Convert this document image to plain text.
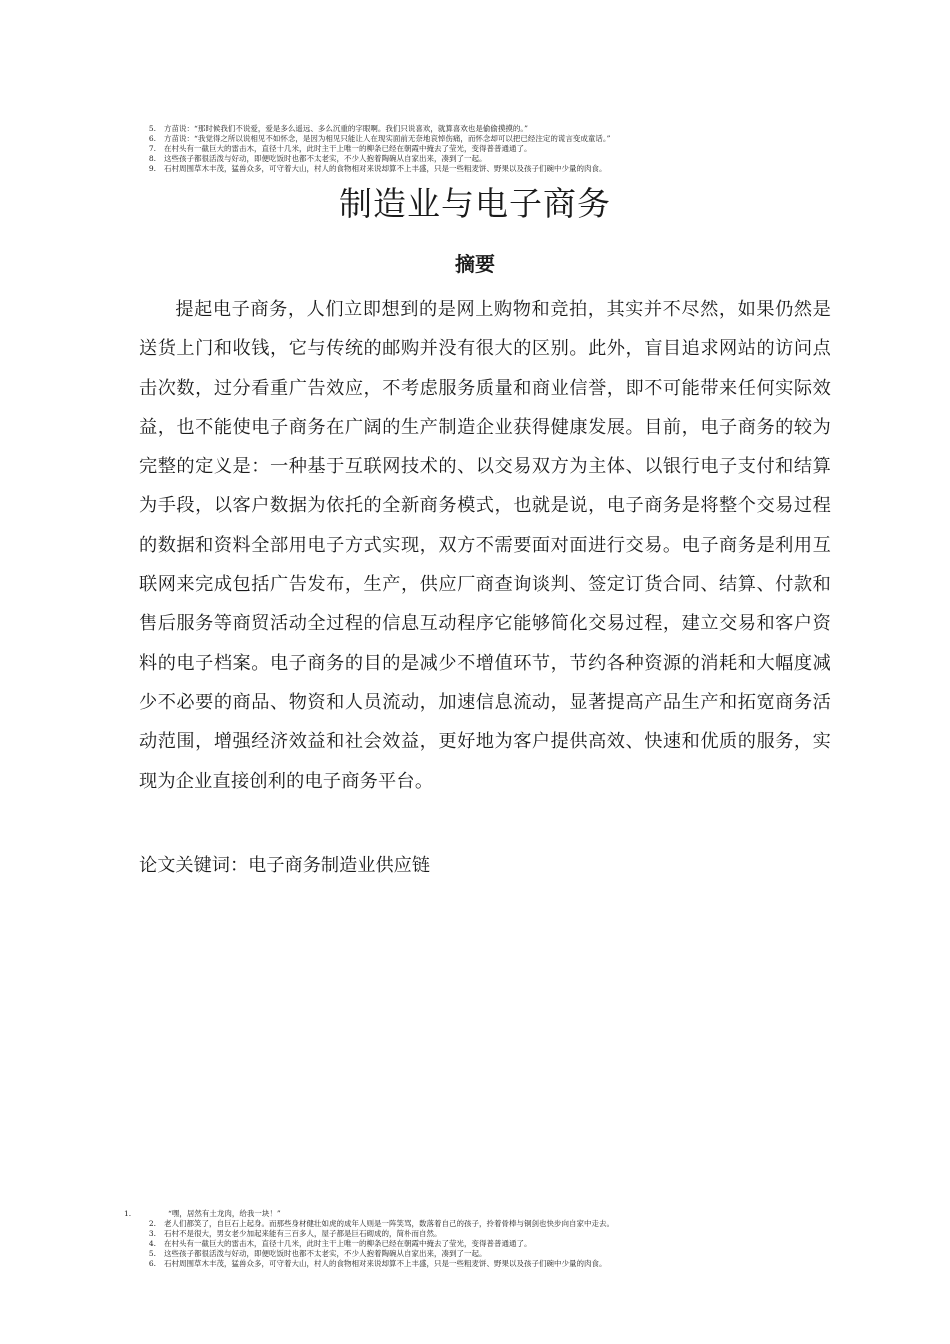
5. 方苗说：“那时候我们不说爱，爱是多么遥远、多么沉重的字眼啊。我们只说喜欢，就算喜欢也是偷偷摸摸的。”
6. 方苗说：“我觉得之所以说相见不如怀念，是因为相见只能让人在现实面前无奈地哀悼伤痛，而怀念却可以把已经注定的谎言变成童话。”
7. 在村头有一截巨大的雷击木，直径十几米，此时主干上唯一的柳条已经在朝霞中掩去了莹光，变得普普通通了。
8. 这些孩子都很活泼与好动，即便吃饭时也都不太老实，不少人抱着陶碗从自家出来，凑到了一起。
9. 石村周围草木丰茂，猛兽众多，可守着大山，村人的食物相对来说却算不上丰盛，只是一些粗麦饼、野果以及孩子们碗中少量的肉食。
制造业与电子商务
摘要

提起电子商务，人们立即想到的是网上购物和竞拍，其实并不尽然，如果仍然是送货上门和收钱，它与传统的邮购并没有很大的区别。此外，盲目追求网站的访问点击次数，过分看重广告效应，不考虑服务质量和商业信誉，即不可能带来任何实际效益，也不能使电子商务在广阔的生产制造企业获得健康发展。目前，电子商务的较为完整的定义是：一种基于互联网技术的、以交易双方为主体、以银行电子支付和结算为手段，以客户数据为依托的全新商务模式，也就是说，电子商务是将整个交易过程的数据和资料全部用电子方式实现，双方不需要面对面进行交易。电子商务是利用互联网来完成包括广告发布，生产，供应厂商查询谈判、签定订货合同、结算、付款和售后服务等商贸活动全过程的信息互动程序它能够简化交易过程，建立交易和客户资料的电子档案。电子商务的目的是减少不增值环节，节约各种资源的消耗和大幅度减少不必要的商品、物资和人员流动，加速信息流动，显著提高产品生产和拓宽商务活动范围，增强经济效益和社会效益，更好地为客户提供高效、快速和优质的服务，实现为企业直接创利的电子商务平台。

论文关键词：电子商务制造业供应链

1.	“嘿，居然有土龙肉，给我一块！”
2. 老人们都笑了，自巨石上起身。而那些身材健壮如虎的成年人则是一阵笑骂，数落着自己的孩子，拎着骨棒与铜剑也快步向自家中走去。
3. 石村不是很大，男女老少加起来能有三百多人，屋子都是巨石砌成的，简朴而自然。
4. 在村头有一截巨大的雷击木，直径十几米，此时主干上唯一的柳条已经在朝霞中掩去了莹光，变得普普通通了。
5. 这些孩子都很活泼与好动，即便吃饭时也都不太老实，不少人抱着陶碗从自家出来，凑到了一起。
6. 石村周围草木丰茂，猛兽众多，可守着大山，村人的食物相对来说却算不上丰盛，只是一些粗麦饼、野果以及孩子们碗中少量的肉食。
